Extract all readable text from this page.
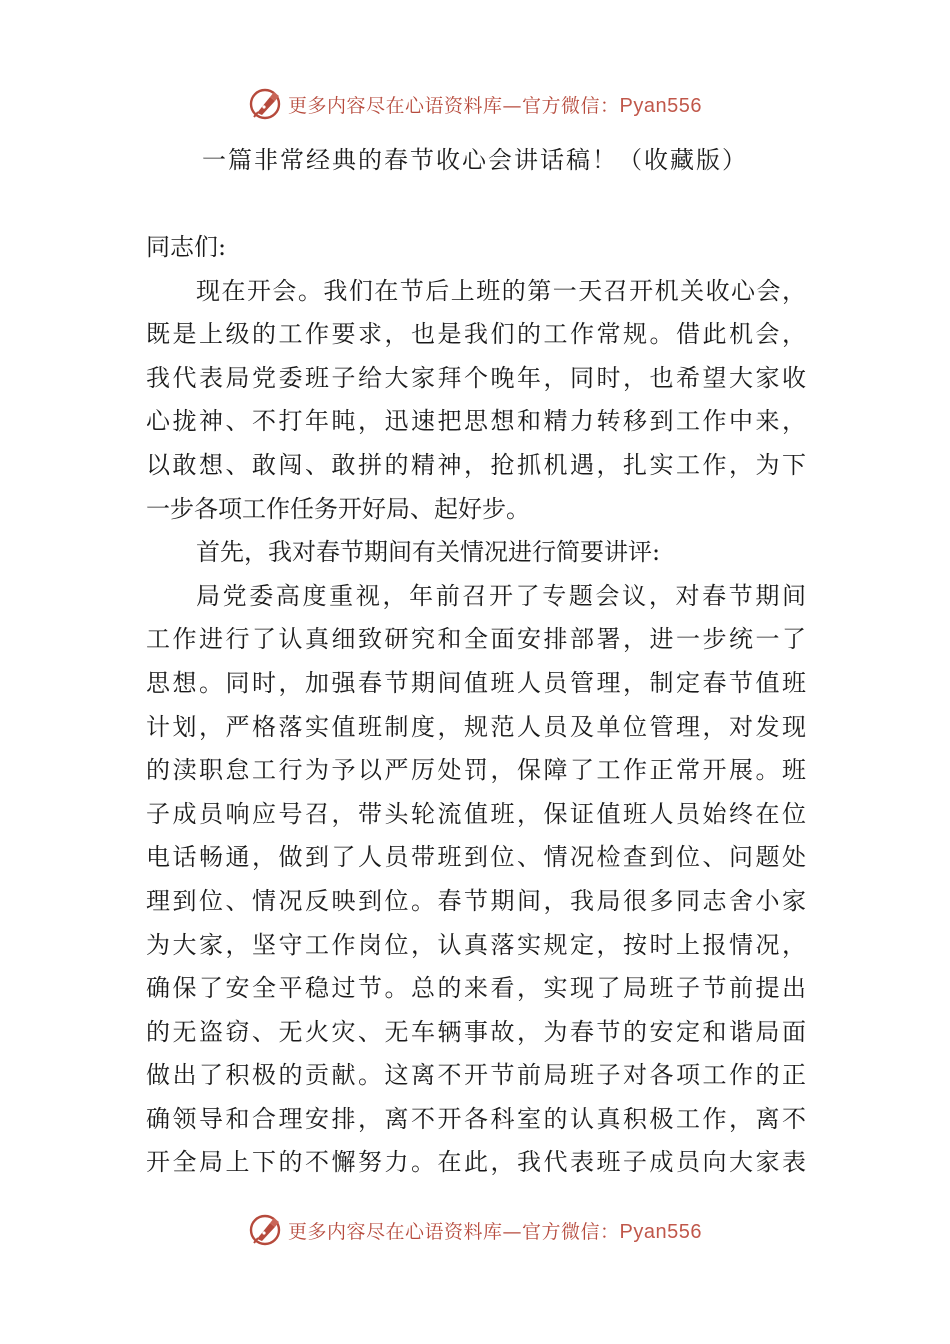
更多内容尽在心语资料库—官方微信：Pyan556
一篇非常经典的春节收心会讲话稿！（收藏版）
同志们:
现在开会。我们在节后上班的第一天召开机关收心会，
既是上级的工作要求，也是我们的工作常规。借此机会，
我代表局党委班子给大家拜个晚年，同时，也希望大家收
心拢神、不打年盹，迅速把思想和精力转移到工作中来，
以敢想、敢闯、敢拼的精神，抢抓机遇，扎实工作，为下
一步各项工作任务开好局、起好步。
首先，我对春节期间有关情况进行简要讲评:
局党委高度重视，年前召开了专题会议，对春节期间
工作进行了认真细致研究和全面安排部署，进一步统一了
思想。同时，加强春节期间值班人员管理，制定春节值班
计划，严格落实值班制度，规范人员及单位管理，对发现
的渎职怠工行为予以严厉处罚，保障了工作正常开展。班
子成员响应号召，带头轮流值班，保证值班人员始终在位
电话畅通，做到了人员带班到位、情况检查到位、问题处
理到位、情况反映到位。春节期间，我局很多同志舍小家
为大家，坚守工作岗位，认真落实规定，按时上报情况，
确保了安全平稳过节。总的来看，实现了局班子节前提出
的无盗窃、无火灾、无车辆事故，为春节的安定和谐局面
做出了积极的贡献。这离不开节前局班子对各项工作的正
确领导和合理安排，离不开各科室的认真积极工作，离不
开全局上下的不懈努力。在此，我代表班子成员向大家表
更多内容尽在心语资料库—官方微信：Pyan556
